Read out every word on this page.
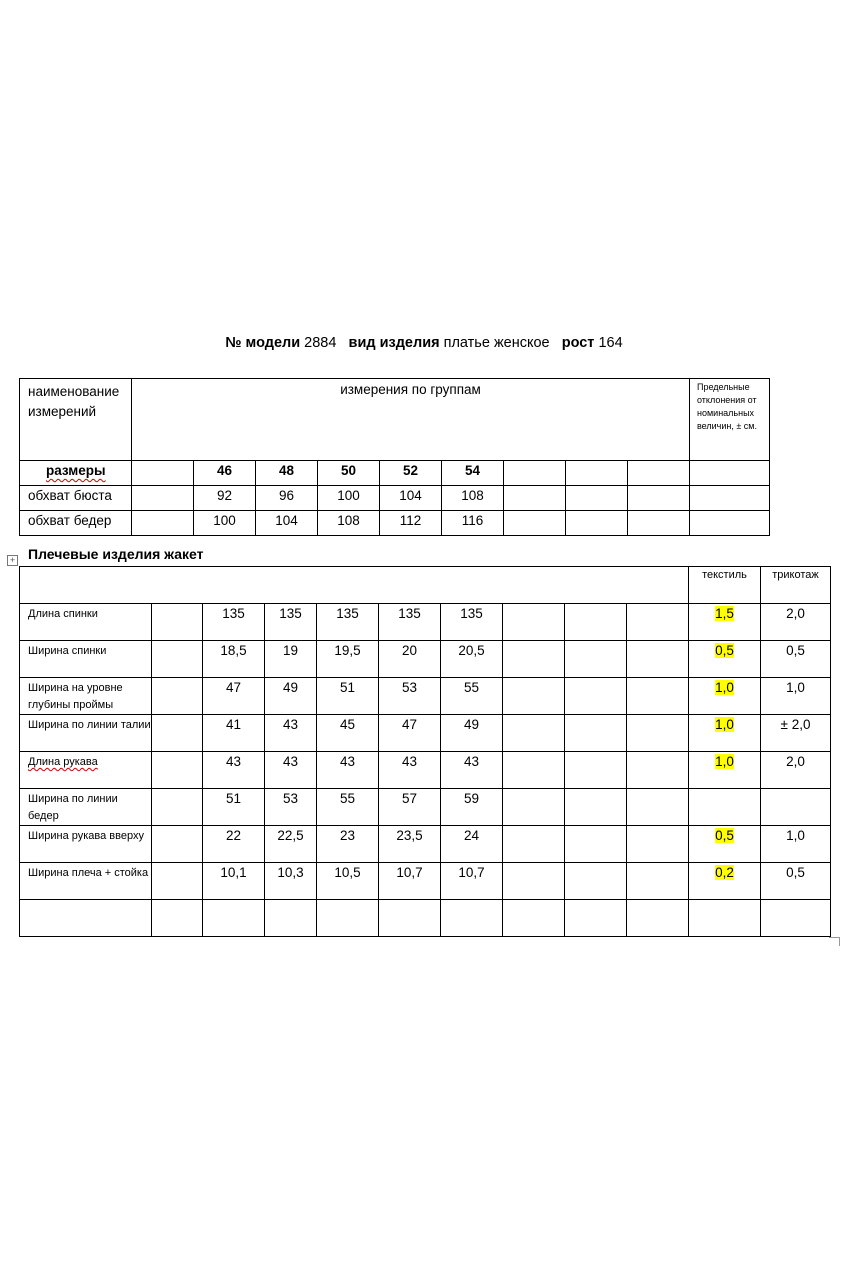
№ модели 2884 вид изделия платье женское рост 164
наименование измерений	измерения по группам									Предельные отклонения от номинальных величин, ± см.
размеры		46	48	50	52	54				
обхват бюста		92	96	100	104	108				
обхват бедер		100	104	108	112	116				
+ Плечевые изделия жакет
										текстиль	трикотаж
Длина спинки		135	135	135	135	135				1,5	2,0
Ширина спинки		18,5	19	19,5	20	20,5				0,5	0,5
Ширина на уровне глубины проймы		47	49	51	53	55				1,0	1,0
Ширина по линии талии		41	43	45	47	49				1,0	± 2,0
Длина рукава		43	43	43	43	43				1,0	2,0
Ширина по линии бедер		51	53	55	57	59					
Ширина рукава вверху		22	22,5	23	23,5	24				0,5	1,0
Ширина плеча + стойка		10,1	10,3	10,5	10,7	10,7				0,2	0,5
